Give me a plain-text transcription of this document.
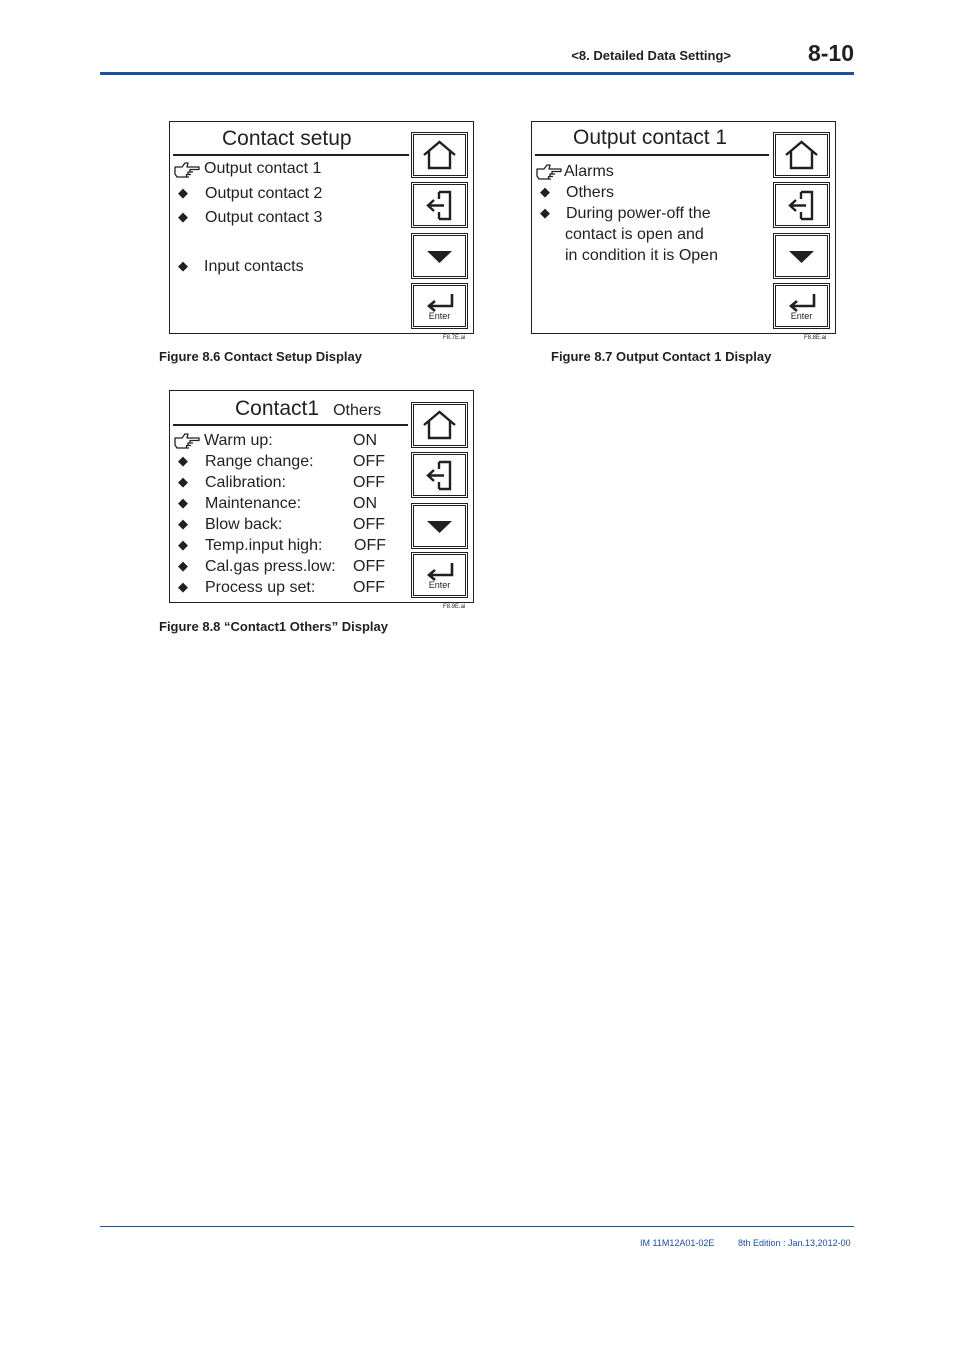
<8. Detailed Data Setting>	8-10
Contact setup
Output contact 1
◆ Output contact 2
◆ Output contact 3
◆ Input contacts
Enter
F8.7E.ai
Figure 8.6 Contact Setup Display
Output contact 1
Alarms
◆ Others
◆ During power-off the
contact is open and
in condition it is Open
Enter
F8.8E.ai
Figure 8.7 Output Contact 1 Display
Contact1 Others
Warm up:	ON
◆ Range change: OFF
◆ Calibration:	OFF
◆ Maintenance:	ON
◆ Blow back:	OFF
◆ Temp.input high: OFF
◆ Cal.gas press.low: OFF
◆ Process up set: OFF	Enter
F8.9E.ai
Figure 8.8 “Contact1 Others” Display
IM 11M12A01-02E	8th Edition : Jan.13,2012-00
